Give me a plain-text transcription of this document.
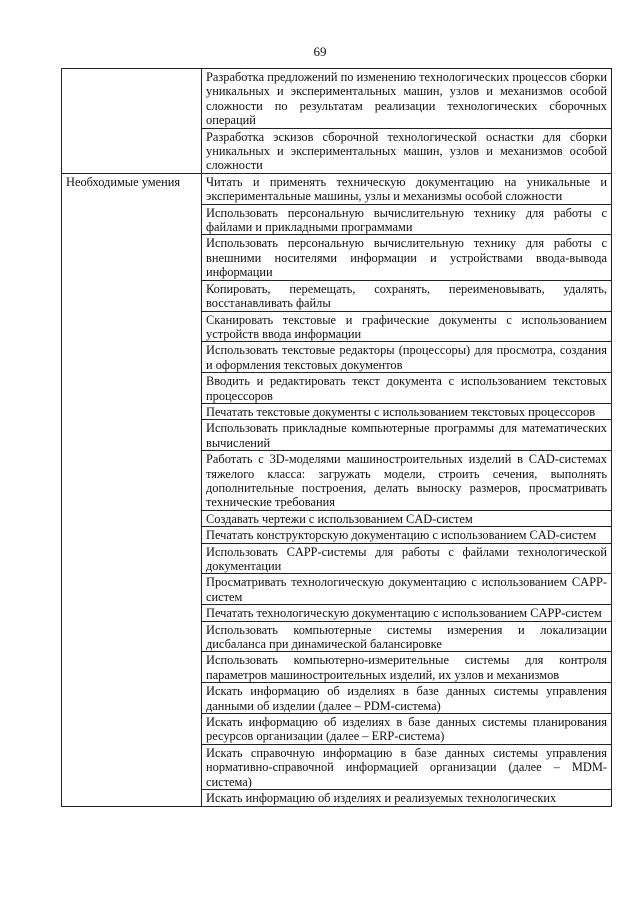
69
	Разработка предложений по изменению технологических процессов сборки уникальных и экспериментальных машин, узлов и механизмов особой сложности по результатам реализации технологических сборочных операций
	Разработка эскизов сборочной технологической оснастки для сборки уникальных и экспериментальных машин, узлов и механизмов особой сложности
Необходимые умения	Читать и применять техническую документацию на уникальные и экспериментальные машины, узлы и механизмы особой сложности
	Использовать персональную вычислительную технику для работы с файлами и прикладными программами
	Использовать персональную вычислительную технику для работы с внешними носителями информации и устройствами ввода-вывода информации
	Копировать, перемещать, сохранять, переименовывать, удалять, восстанавливать файлы
	Сканировать текстовые и графические документы с использованием устройств ввода информации
	Использовать текстовые редакторы (процессоры) для просмотра, создания и оформления текстовых документов
	Вводить и редактировать текст документа с использованием текстовых процессоров
	Печатать текстовые документы с использованием текстовых процессоров
	Использовать прикладные компьютерные программы для математических вычислений
	Работать с 3D-моделями машиностроительных изделий в CAD-системах тяжелого класса: загружать модели, строить сечения, выполнять дополнительные построения, делать выноску размеров, просматривать технические требования
	Создавать чертежи с использованием CAD-систем
	Печатать конструкторскую документацию с использованием CAD-систем
	Использовать CAPP-системы для работы с файлами технологической документации
	Просматривать технологическую документацию с использованием CAPP-систем
	Печатать технологическую документацию с использованием CAPP-систем
	Использовать компьютерные системы измерения и локализации дисбаланса при динамической балансировке
	Использовать компьютерно-измерительные системы для контроля параметров машиностроительных изделий, их узлов и механизмов
	Искать информацию об изделиях в базе данных системы управления данными об изделии (далее – PDM-система)
	Искать информацию об изделиях в базе данных системы планирования ресурсов организации (далее – ERP-система)
	Искать справочную информацию в базе данных системы управления нормативно-справочной информацией организации (далее – MDM-система)
	Искать информацию об изделиях и реализуемых технологических
